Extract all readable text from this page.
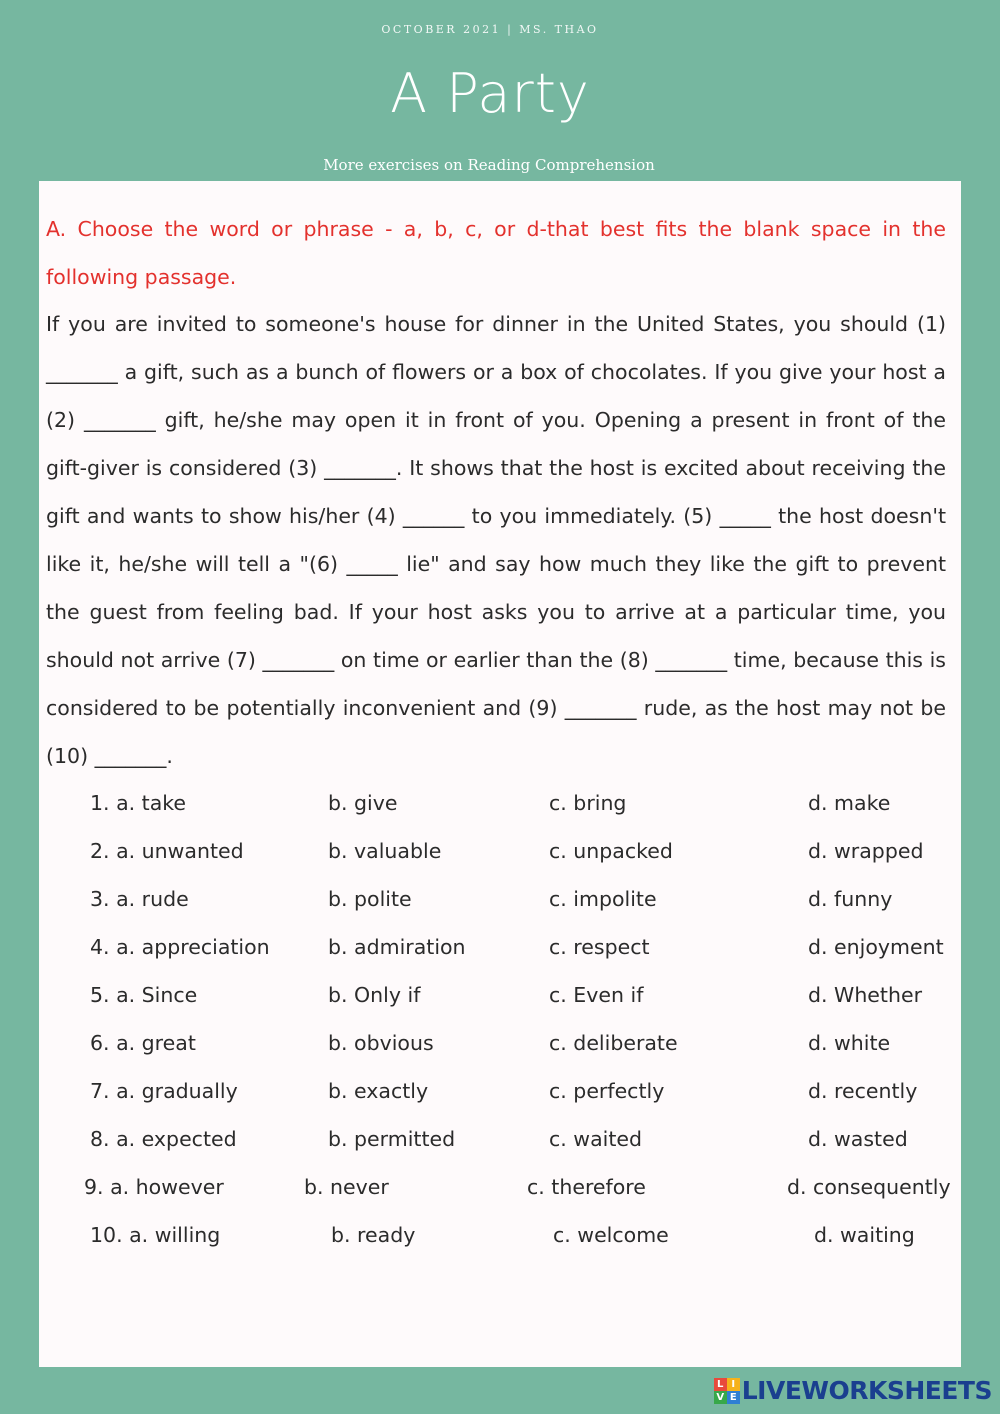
OCTOBER 2021 | MS. THAO
A Party
More exercises on Reading Comprehension
A. Choose the word or phrase - a, b, c, or d-that best fits the blank space in the following passage.
If you are invited to someone's house for dinner in the United States, you should (1) _______ a gift, such as a bunch of flowers or a box of chocolates. If you give your host a (2) _______ gift, he/she may open it in front of you. Opening a present in front of the gift-giver is considered (3) _______. It shows that the host is excited about receiving the gift and wants to show his/her (4) ______ to you immediately. (5) _____ the host doesn't like it, he/she will tell a "(6) _____ lie" and say how much they like the gift to prevent the guest from feeling bad. If your host asks you to arrive at a particular time, you should not arrive (7) _______ on time or earlier than the (8) _______ time, because this is considered to be potentially inconvenient and (9) _______ rude, as the host may not be (10) _______.
1. a. take	b. give	c. bring	d. make
2. a. unwanted	b. valuable	c. unpacked	d. wrapped
3. a. rude	b. polite	c. impolite	d. funny
4. a. appreciation	b. admiration	c. respect	d. enjoyment
5. a. Since	b. Only if	c. Even if	d. Whether
6. a. great	b. obvious	c. deliberate	d. white
7. a. gradually	b. exactly	c. perfectly	d. recently
8. a. expected	b. permitted	c. waited	d. wasted
9. a. however	b. never	c. therefore	d. consequently
10. a. willing	b. ready	c. welcome	d. waiting
L I
V E LIVEWORKSHEETS
